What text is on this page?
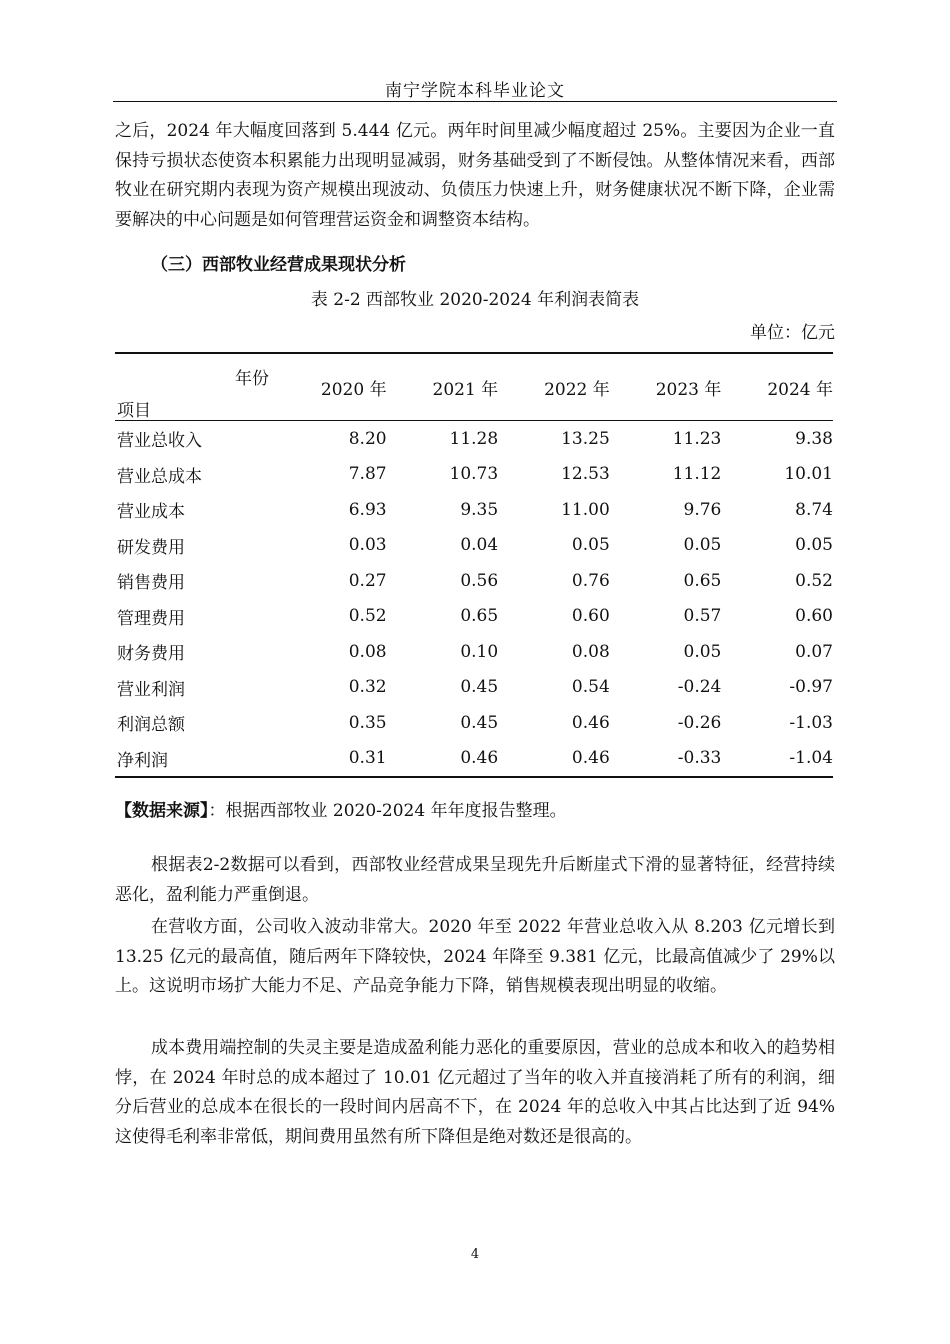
南宁学院本科毕业论文
之后，2024 年大幅度回落到 5.444 亿元。两年时间里减少幅度超过 25%。主要因为企业一直保持亏损状态使资本积累能力出现明显减弱，财务基础受到了不断侵蚀。从整体情况来看，西部牧业在研究期内表现为资产规模出现波动、负债压力快速上升，财务健康状况不断下降，企业需要解决的中心问题是如何管理营运资金和调整资本结构。
（三）西部牧业经营成果现状分析
表 2-2 西部牧业 2020-2024 年利润表简表
单位：亿元
年份
项目	2020 年	2021 年	2022 年	2023 年	2024 年
营业总收入	8.20	11.28	13.25	11.23	9.38
营业总成本	7.87	10.73	12.53	11.12	10.01
营业成本	6.93	9.35	11.00	9.76	8.74
研发费用	0.03	0.04	0.05	0.05	0.05
销售费用	0.27	0.56	0.76	0.65	0.52
管理费用	0.52	0.65	0.60	0.57	0.60
财务费用	0.08	0.10	0.08	0.05	0.07
营业利润	0.32	0.45	0.54	-0.24	-0.97
利润总额	0.35	0.45	0.46	-0.26	-1.03
净利润	0.31	0.46	0.46	-0.33	-1.04
【数据来源】：根据西部牧业 2020-2024 年年度报告整理。
根据表2-2数据可以看到，西部牧业经营成果呈现先升后断崖式下滑的显著特征，经营持续恶化，盈利能力严重倒退。
在营收方面，公司收入波动非常大。2020 年至 2022 年营业总收入从 8.203 亿元增长到 13.25 亿元的最高值，随后两年下降较快，2024 年降至 9.381 亿元，比最高值减少了 29%以上。这说明市场扩大能力不足、产品竞争能力下降，销售规模表现出明显的收缩。
成本费用端控制的失灵主要是造成盈利能力恶化的重要原因，营业的总成本和收入的趋势相悖，在 2024 年时总的成本超过了 10.01 亿元超过了当年的收入并直接消耗了所有的利润，细分后营业的总成本在很长的一段时间内居高不下，在 2024 年的总收入中其占比达到了近 94%这使得毛利率非常低，期间费用虽然有所下降但是绝对数还是很高的。
4
